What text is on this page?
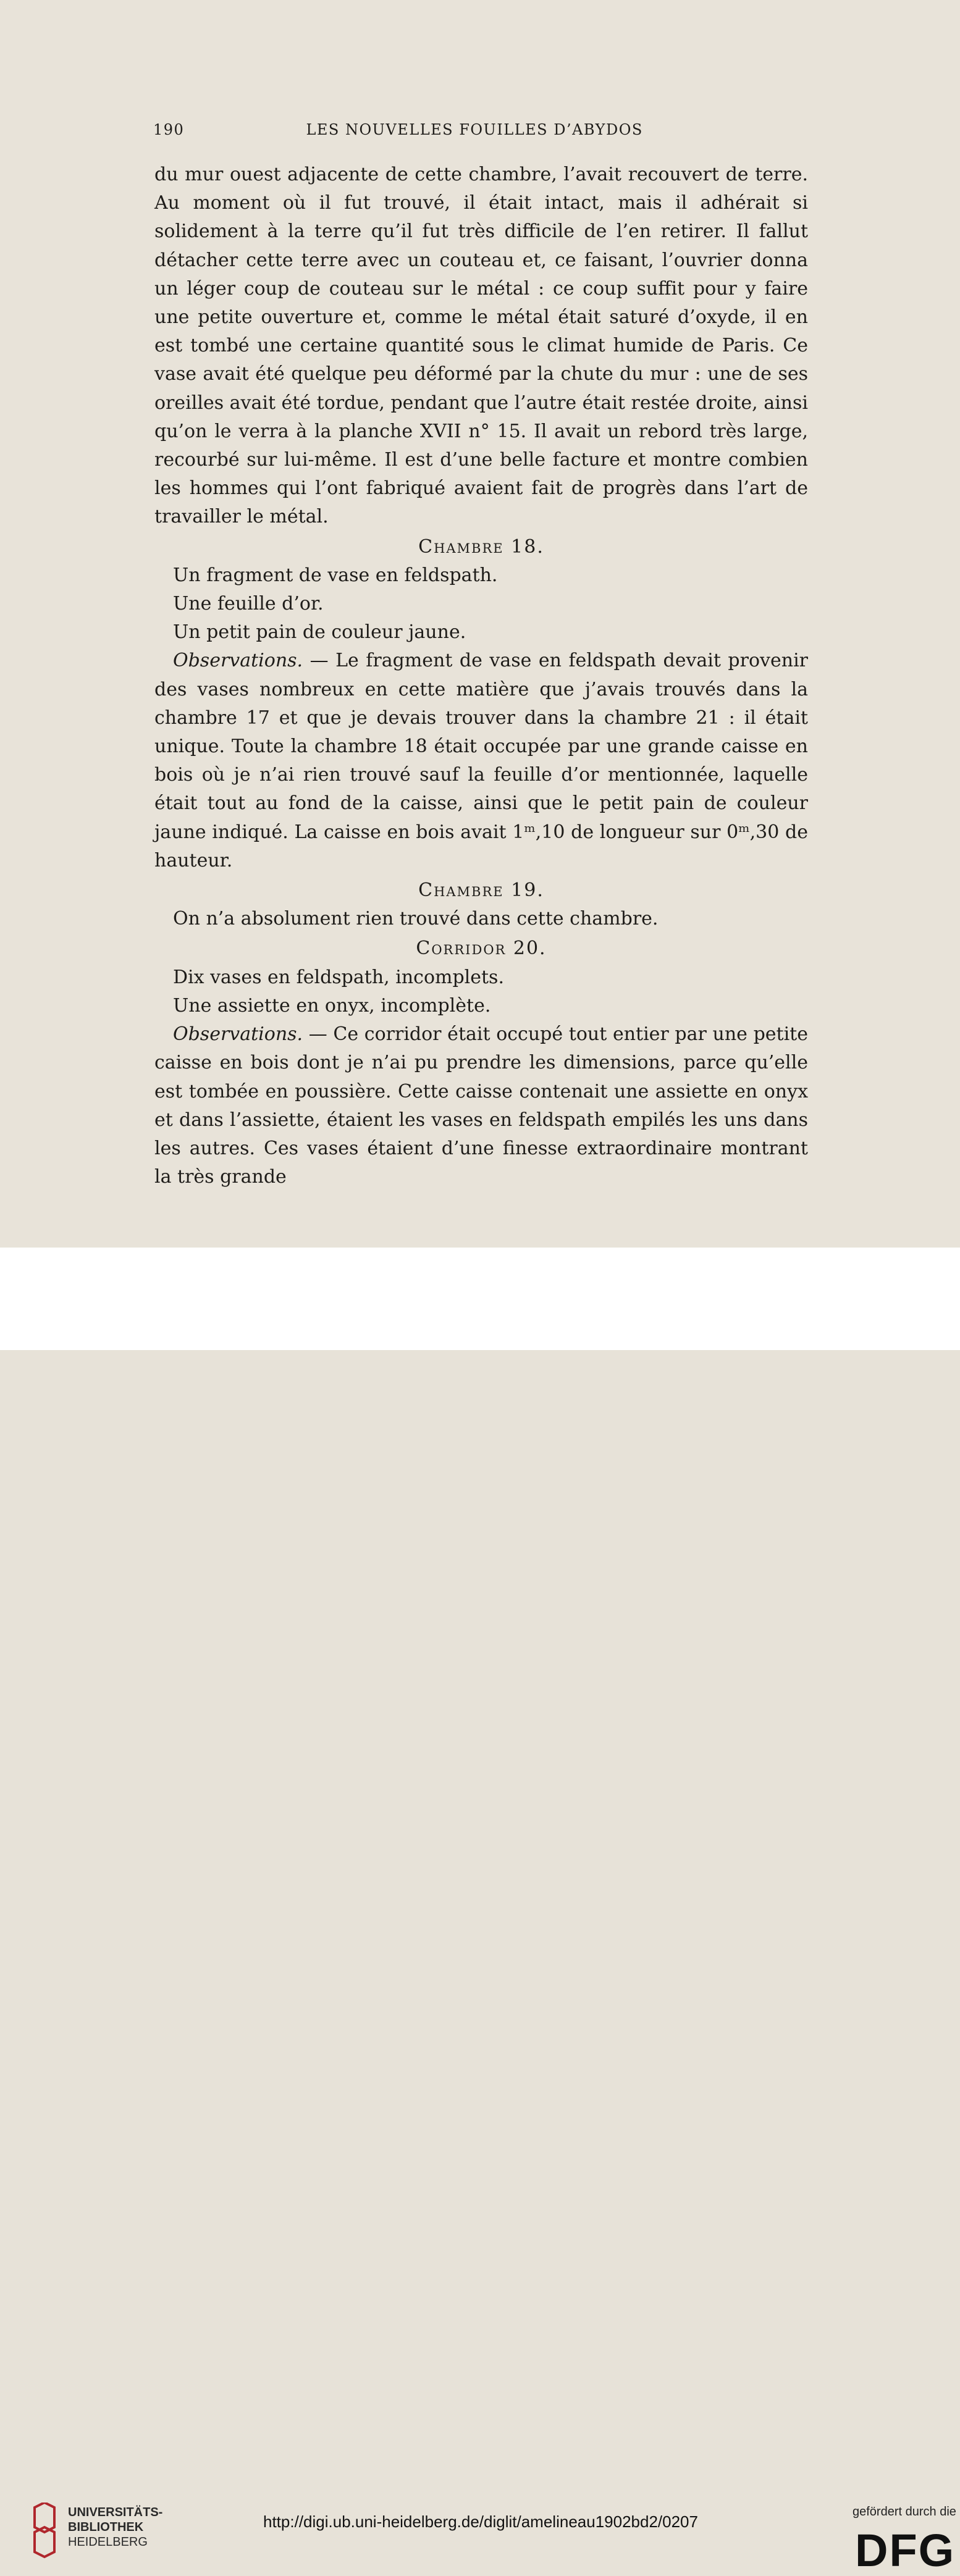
190	LES NOUVELLES FOUILLES D’ABYDOS

du mur ouest adjacente de cette chambre, l’avait recouvert de terre. Au moment où il fut trouvé, il était intact, mais il adhérait si solidement à la terre qu’il fut très difficile de l’en retirer. Il fallut détacher cette terre avec un couteau et, ce faisant, l’ouvrier donna un léger coup de couteau sur le métal : ce coup suffit pour y faire une petite ouverture et, comme le métal était saturé d’oxyde, il en est tombé une certaine quantité sous le climat humide de Paris. Ce vase avait été quelque peu déformé par la chute du mur : une de ses oreilles avait été tordue, pendant que l’autre était restée droite, ainsi qu’on le verra à la planche XVII n° 15. Il avait un rebord très large, recourbé sur lui-même. Il est d’une belle facture et montre combien les hommes qui l’ont fabriqué avaient fait de progrès dans l’art de travailler le métal.

Chambre 18.

Un fragment de vase en feldspath.

Une feuille d’or.

Un petit pain de couleur jaune.

Observations. — Le fragment de vase en feldspath devait provenir des vases nombreux en cette matière que j’avais trouvés dans la chambre 17 et que je devais trouver dans la chambre 21 : il était unique. Toute la chambre 18 était occupée par une grande caisse en bois où je n’ai rien trouvé sauf la feuille d’or mentionnée, laquelle était tout au fond de la caisse, ainsi que le petit pain de couleur jaune indiqué. La caisse en bois avait 1ᵐ,10 de longueur sur 0ᵐ,30 de hauteur.

Chambre 19.

On n’a absolument rien trouvé dans cette chambre.

Corridor 20.

Dix vases en feldspath, incomplets.

Une assiette en onyx, incomplète.

Observations. — Ce corridor était occupé tout entier par une petite caisse en bois dont je n’ai pu prendre les dimensions, parce qu’elle est tombée en poussière. Cette caisse contenait une assiette en onyx et dans l’assiette, étaient les vases en feldspath empilés les uns dans les autres. Ces vases étaient d’une finesse extraordinaire montrant la très grande

UNIVERSITÄTS-
BIBLIOTHEK
HEIDELBERG
http://digi.ub.uni-heidelberg.de/diglit/amelineau1902bd2/0207
gefördert durch die
DFG
